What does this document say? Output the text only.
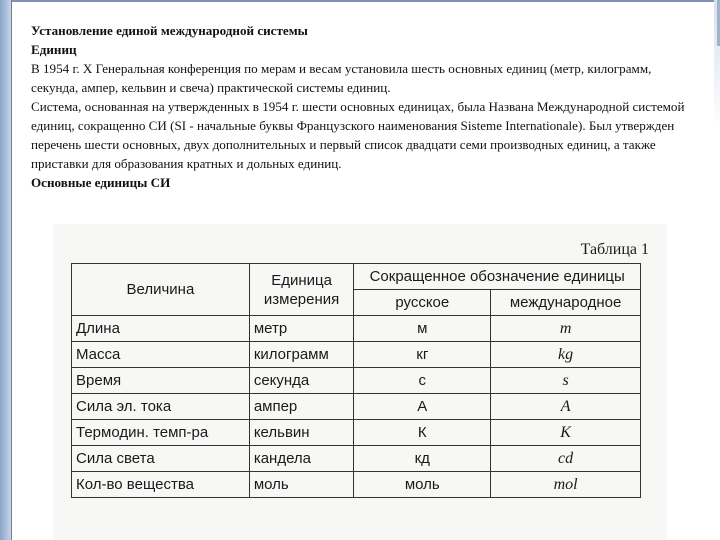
Установление единой международной системы

Единиц

В 1954 г. X Генеральная конференция по мерам и весам установила шесть основных единиц (метр, килограмм, секунда, ампер, кельвин и свеча) практической системы единиц.

Система, основанная на утвержденных в 1954 г. шести основных единицах, была Названа Международной системой единиц, сокращенно СИ (SI - начальные буквы Французского наименования Sisteme Internationale). Был утвержден перечень шести основных, двух дополнительных и первый список двадцати семи производных единиц, а также приставки для образования кратных и дольных единиц.

Основные единицы СИ

Таблица 1
Величина	Единица измерения	Сокращенное обозначение единицы	
		русское	международное
Длина	метр	м	m
Масса	килограмм	кг	kg
Время	секунда	с	s
Сила эл. тока	ампер	А	A
Термодин. темп-ра	кельвин	К	K
Сила света	кандела	кд	cd
Кол-во вещества	моль	моль	mol
